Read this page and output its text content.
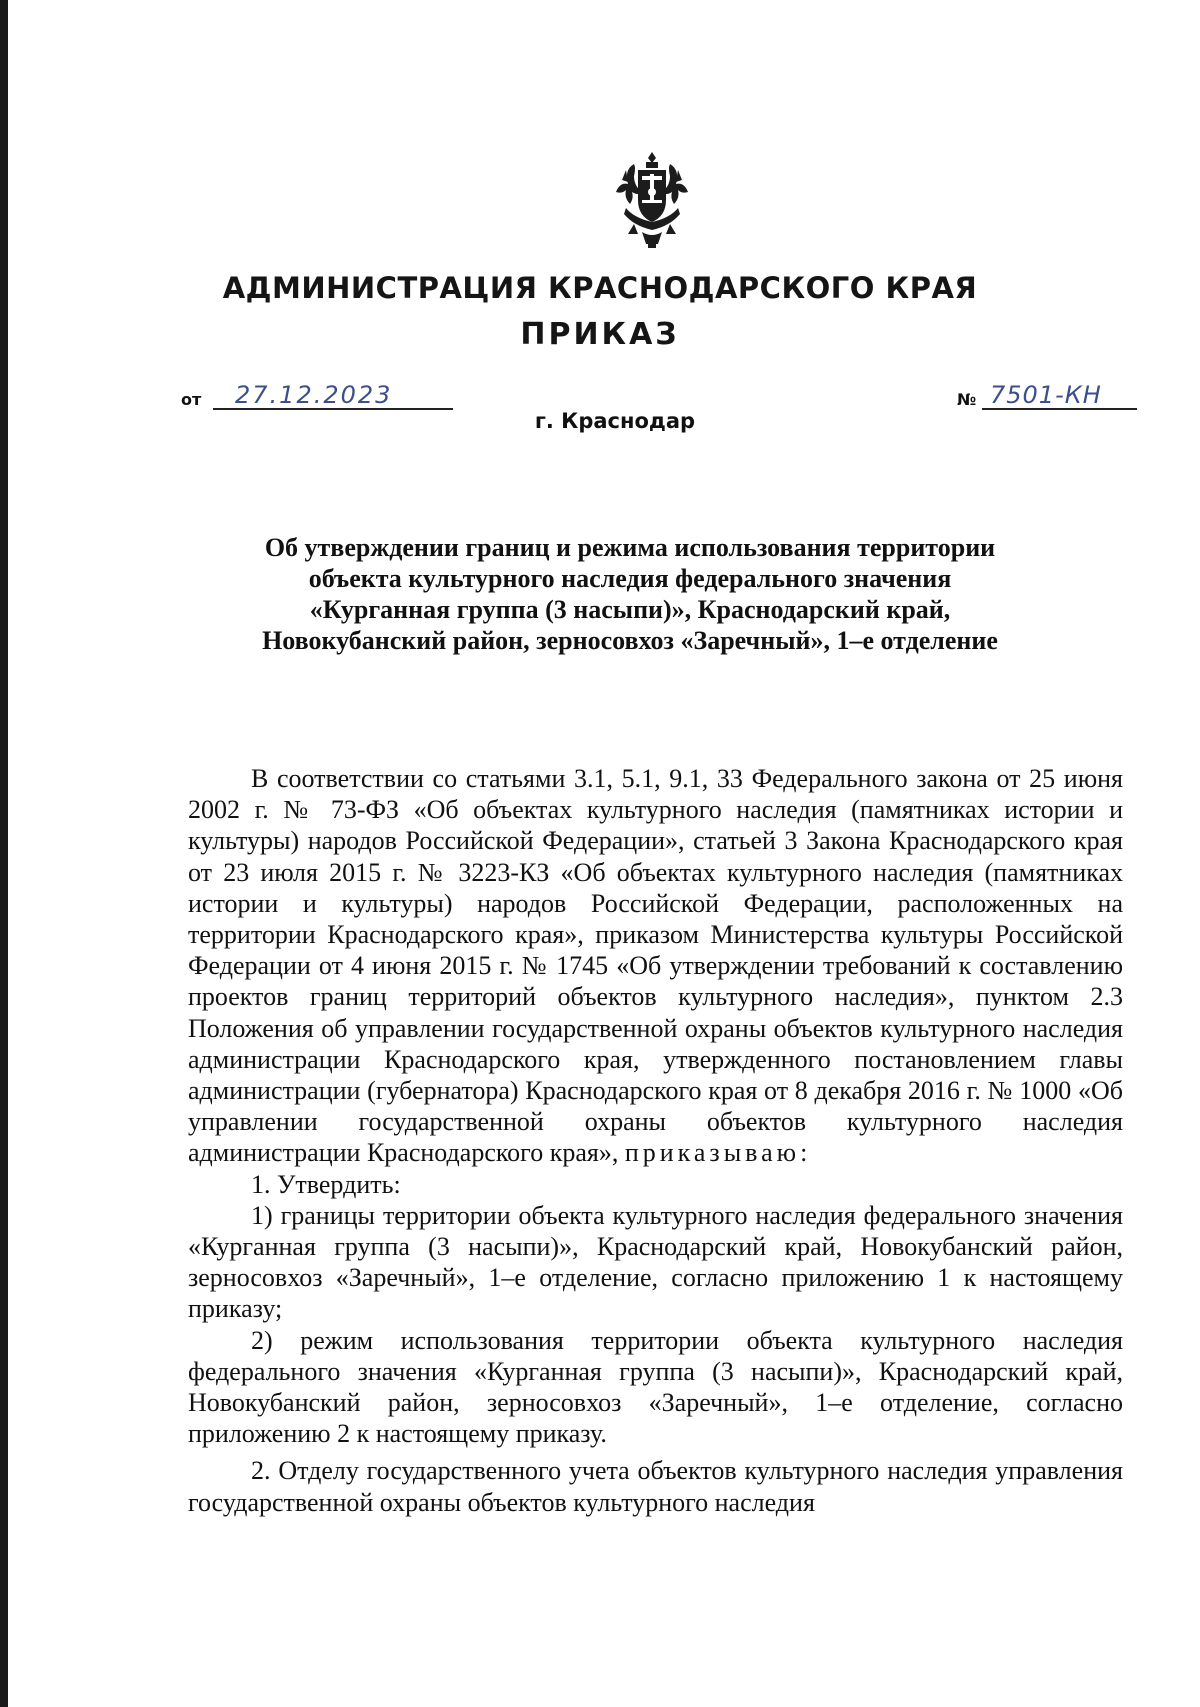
АДМИНИСТРАЦИЯ КРАСНОДАРСКОГО КРАЯ
ПРИКАЗ
от 27.12.2023	№ 7501-КН
г. Краснодар
Об утверждении границ и режима использования территории
объекта культурного наследия федерального значения
«Курганная группа (3 насыпи)», Краснодарский край,
Новокубанский район, зерносовхоз «Заречный», 1–е отделение
В соответствии со статьями 3.1, 5.1, 9.1, 33 Федерального закона от 25 июня 2002 г. № 73-ФЗ «Об объектах культурного наследия (памятниках истории и культуры) народов Российской Федерации», статьей 3 Закона Краснодарского края от 23 июля 2015 г. № 3223-КЗ «Об объектах культурного наследия (памятниках истории и культуры) народов Российской Федерации, расположенных на территории Краснодарского края», приказом Министерства культуры Российской Федерации от 4 июня 2015 г. № 1745 «Об утверждении требований к составлению проектов границ территорий объектов культурного наследия», пунктом 2.3 Положения об управлении государственной охраны объектов культурного наследия администрации Краснодарского края, утвержденного постановлением главы администрации (губернатора) Краснодарского края от 8 декабря 2016 г. № 1000 «Об управлении государственной охраны объектов культурного наследия администрации Краснодарского края», приказываю:
1. Утвердить:
1) границы территории объекта культурного наследия федерального значения «Курганная группа (3 насыпи)», Краснодарский край, Новокубанский район, зерносовхоз «Заречный», 1–е отделение, согласно приложению 1 к настоящему приказу;
2) режим использования территории объекта культурного наследия федерального значения «Курганная группа (3 насыпи)», Краснодарский край, Новокубанский район, зерносовхоз «Заречный», 1–е отделение, согласно приложению 2 к настоящему приказу.
2. Отделу государственного учета объектов культурного наследия управления государственной охраны объектов культурного наследия
